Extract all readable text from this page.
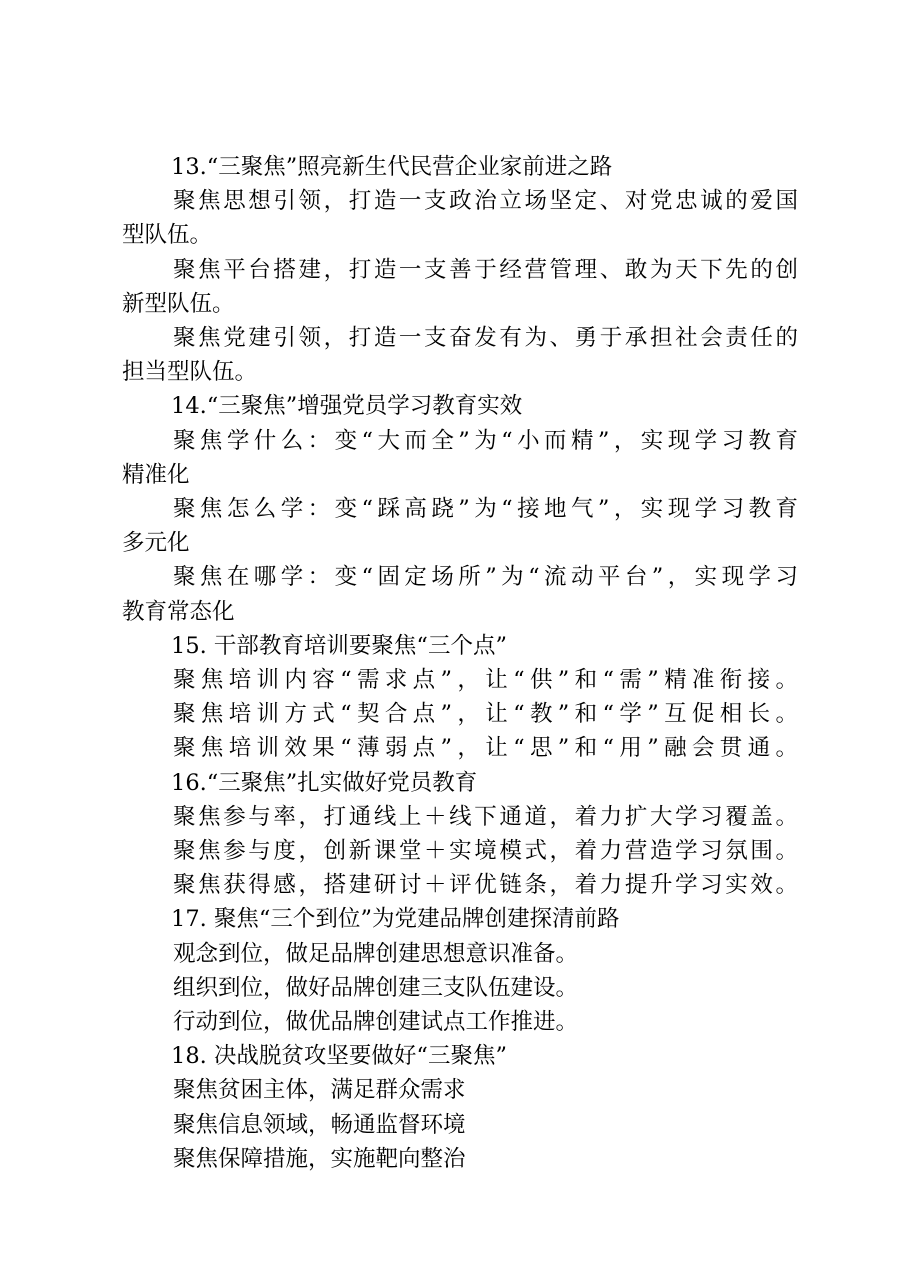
13.“三聚焦”照亮新生代民营企业家前进之路
聚焦思想引领，打造一支政治立场坚定、对党忠诚的爱国
型队伍。
聚焦平台搭建，打造一支善于经营管理、敢为天下先的创
新型队伍。
聚焦党建引领，打造一支奋发有为、勇于承担社会责任的
担当型队伍。
14.“三聚焦”增强党员学习教育实效
聚焦学什么：变“大而全”为“小而精”，实现学习教育
精准化
聚焦怎么学：变“踩高跷”为“接地气”，实现学习教育
多元化
聚焦在哪学：变“固定场所”为“流动平台”，实现学习
教育常态化
15. 干部教育培训要聚焦“三个点”
聚焦培训内容“需求点”，让“供”和“需”精准衔接。
聚焦培训方式“契合点”，让“教”和“学”互促相长。
聚焦培训效果“薄弱点”，让“思”和“用”融会贯通。
16.“三聚焦”扎实做好党员教育
聚焦参与率，打通线上＋线下通道，着力扩大学习覆盖。
聚焦参与度，创新课堂＋实境模式，着力营造学习氛围。
聚焦获得感，搭建研讨＋评优链条，着力提升学习实效。
17. 聚焦“三个到位”为党建品牌创建探清前路
观念到位，做足品牌创建思想意识准备。
组织到位，做好品牌创建三支队伍建设。
行动到位，做优品牌创建试点工作推进。
18. 决战脱贫攻坚要做好“三聚焦”
聚焦贫困主体，满足群众需求
聚焦信息领域，畅通监督环境
聚焦保障措施，实施靶向整治
